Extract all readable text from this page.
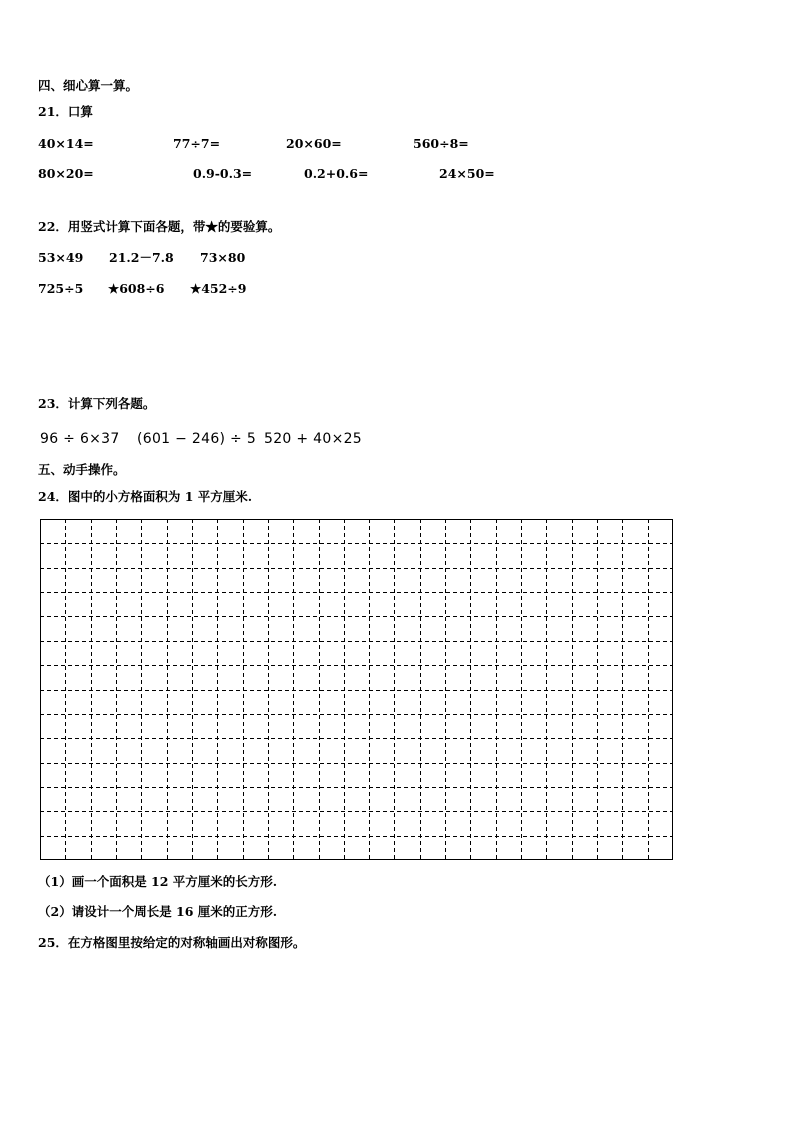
四、细心算一算。
21．口算
40×14=	77÷7=	20×60=	560÷8=
80×20=	0.9-0.3=	0.2+0.6=	24×50=
22．用竖式计算下面各题，带★的要验算。
53×49 21.2－7.8 73×80
725÷5 ★608÷6 ★452÷9
23．计算下列各题。
96 ÷ 6×37 (601 − 246) ÷ 5 520 + 40×25
五、动手操作。
24．图中的小方格面积为 1 平方厘米.
（1）画一个面积是 12 平方厘米的长方形.
（2）请设计一个周长是 16 厘米的正方形.
25．在方格图里按给定的对称轴画出对称图形。
